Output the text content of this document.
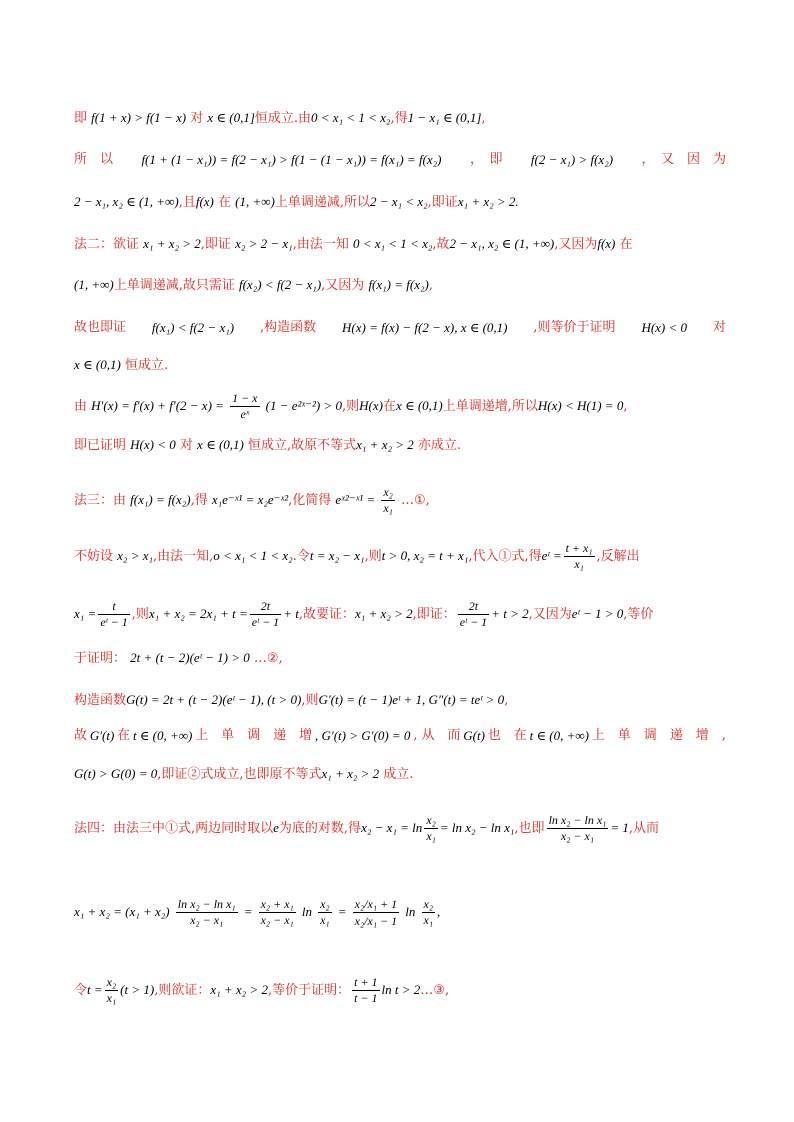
即 f(1 + x) > f(1 − x) 对 x ∈ (0,1]恒成立.由0 < x₁ < 1 < x₂,得1 − x₁ ∈ (0,1],
所　以 f(1 + (1 − x₁)) = f(2 − x₁) > f(1 − (1 − x₁)) = f(x₁) = f(x₂) ，　即 f(2 − x₁) > f(x₂) ，　又　因　为
2 − x₁, x₂ ∈ (1, +∞),且f(x) 在 (1, +∞)上单调递减,所以2 − x₁ < x₂,即证x₁ + x₂ > 2.
法二：欲证 x₁ + x₂ > 2,即证 x₂ > 2 − x₁,由法一知 0 < x₁ < 1 < x₂,故2 − x₁, x₂ ∈ (1, +∞),又因为f(x) 在
(1, +∞)上单调递减,故只需证 f(x₂) < f(2 − x₁),又因为 f(x₁) = f(x₂),
故也即证 f(x₁) < f(2 − x₁) ,构造函数 H(x) = f(x) − f(2 − x), x ∈ (0,1) ,则等价于证明 H(x) < 0 对
x ∈ (0,1) 恒成立.
由 $H'(x) = f'(x) + f'(2 - x) = \frac{1 - x}{\text{eˣ}} (1$ − e²ˣ⁻²) > 0,则H(x)在x ∈ (0,1)上单调递增,所以H(x) < H(1) = 0,
即已证明 H(x) < 0 对 x ∈ (0,1) 恒成立,故原不等式x₁ + x₂ > 2 亦成立.
法三：由 f(x₁) = f(x₂),得 x₁e⁻ˣ¹ = x₂e⁻ˣ²,化简得 eˣ²⁻ˣ¹ = $\frac{\text{x₂}}{\text{x₁}}$ …①,
不妨设 x₂ > x₁,由法一知,o < x₁ < 1 < x₂.令t = x₂ − x₁,则t > 0, x₂ = t + x₁,代入①式,得eᵗ = $\frac{\text{t + x₁}}{\text{x₁}}$ ,反解出
$x_1 = \frac{t}{\text{eᵗ − 1}}$ ,则$x_1 + x_2 = 2x_1 + t = \frac{2t}{\text{eᵗ − 1}} + t$,故要证：x₁ + x₂ > 2,即证： $\frac{2t}{\text{eᵗ − 1}} + t > 2$,又因为eᵗ − 1 > 0,等价
于证明： 2t + (t − 2)(eᵗ − 1) > 0 …②,
构造函数G(t) = 2t + (t − 2)(eᵗ − 1), (t > 0),则G′(t) = (t − 1)eᵗ + 1, G″(t) = teᵗ > 0,
故 G′(t) 在 t ∈ (0, +∞) 上　单　调　递　增 , G′(t) > G′(0) = 0 , 从　而 G(t) 也　在 t ∈ (0, +∞) 上　单　调　递　增　,
G(t) > G(0) = 0,即证②式成立,也即原不等式x₁ + x₂ > 2 成立.
法四：由法三中①式,两边同时取以e为底的对数,得$x_2 - x_1 = \ln \frac{\text{x₂}}{\text{x₁}} = \ln x_2 - \ln x_1$,也即 $\frac{\text{ln x₂ − ln x₁}}{\text{x₂ − x₁}} = 1$,从而
$x_1 + x_2 = (x_1 + x_2) \frac{\text{ln x₂ − ln x₁}}{\text{x₂ − x₁}} = \frac{\text{x₂ + x₁}}{\text{x₂ − x₁}}$ $\ln \frac{\text{x₂}}{\text{x₁}} = \frac{\text{x₂/x₁ + 1}}{\text{x₂/x₁ − 1}}$ $\ln \frac{\text{x₂}}{\text{x₁}}$ ,
令$t = \frac{\text{x₂}}{\text{x₁}} (t > 1)$,则欲证：x₁ + x₂ > 2,等价于证明： $\frac{t + 1}{t - 1}$ ln t > 2…③,
